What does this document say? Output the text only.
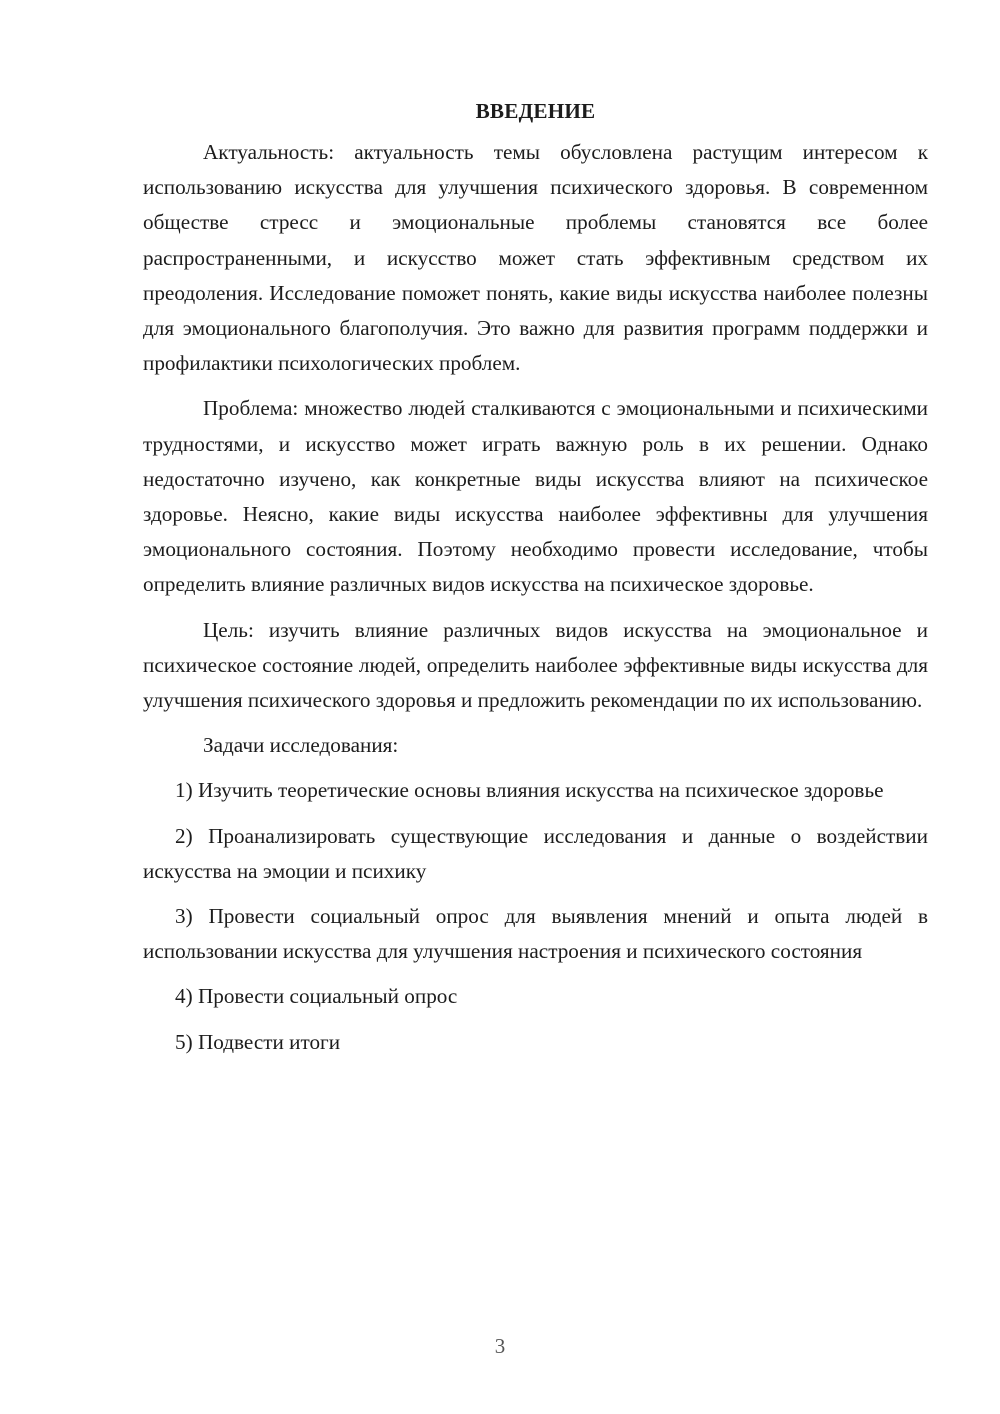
ВВЕДЕНИЕ

Актуальность: актуальность темы обусловлена растущим интересом к использованию искусства для улучшения психического здоровья. В современном обществе стресс и эмоциональные проблемы становятся все более распространенными, и искусство может стать эффективным средством их преодоления. Исследование поможет понять, какие виды искусства наиболее полезны для эмоционального благополучия. Это важно для развития программ поддержки и профилактики психологических проблем.

Проблема: множество людей сталкиваются с эмоциональными и психическими трудностями, и искусство может играть важную роль в их решении. Однако недостаточно изучено, как конкретные виды искусства влияют на психическое здоровье. Неясно, какие виды искусства наиболее эффективны для улучшения эмоционального состояния. Поэтому необходимо провести исследование, чтобы определить влияние различных видов искусства на психическое здоровье.

Цель: изучить влияние различных видов искусства на эмоциональное и психическое состояние людей, определить наиболее эффективные виды искусства для улучшения психического здоровья и предложить рекомендации по их использованию.

Задачи исследования:

1) Изучить теоретические основы влияния искусства на психическое здоровье

2) Проанализировать существующие исследования и данные о воздействии искусства на эмоции и психику

3) Провести социальный опрос для выявления мнений и опыта людей в использовании искусства для улучшения настроения и психического состояния

4) Провести социальный опрос

5) Подвести итоги

3
